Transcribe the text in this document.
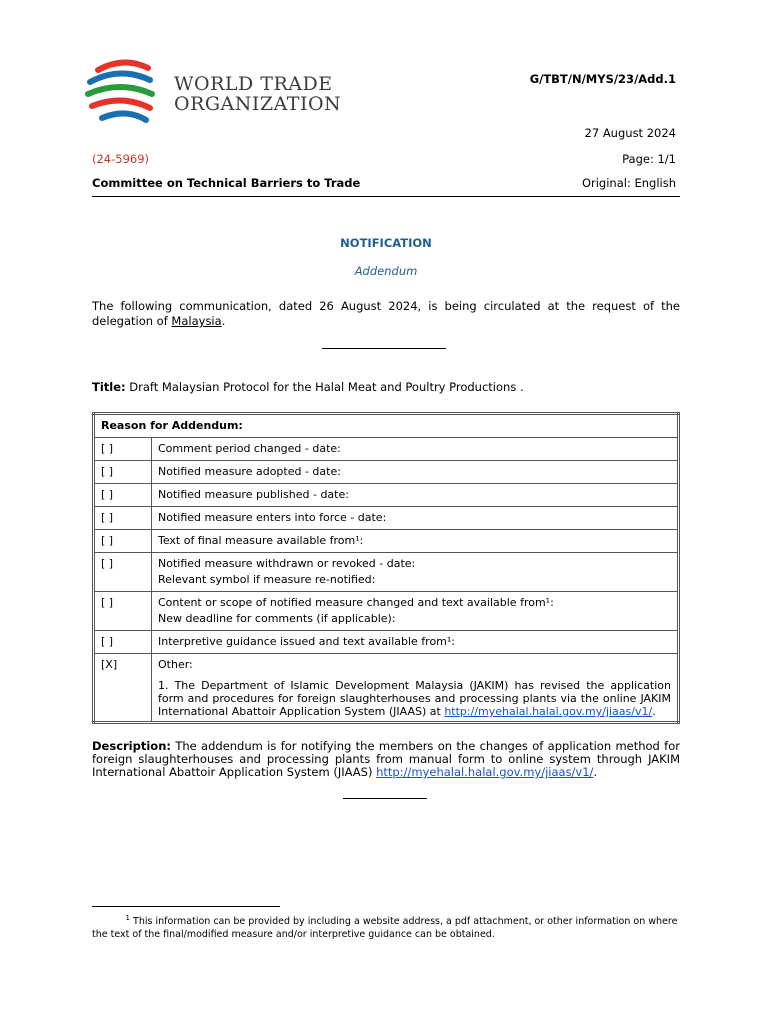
WORLD TRADE
ORGANIZATION
G/TBT/N/MYS/23/Add.1
27 August 2024
(24-5969)	Page: 1/1
Committee on Technical Barriers to Trade	Original: English
NOTIFICATION
Addendum
The following communication, dated 26 August 2024, is being circulated at the request of the delegation of Malaysia.
Title: Draft Malaysian Protocol for the Halal Meat and Poultry Productions .
Reason for Addendum:	
[ ]	Comment period changed - date:
[ ]	Notified measure adopted - date:
[ ]	Notified measure published - date:
[ ]	Notified measure enters into force - date:
[ ]	Text of final measure available from¹:
[ ]	Notified measure withdrawn or revoked - date:
Relevant symbol if measure re-notified:

[ ]	Content or scope of notified measure changed and text available from¹:
New deadline for comments (if applicable):

[ ]	Interpretive guidance issued and text available from¹:
[X]	Other:
1. The Department of Islamic Development Malaysia (JAKIM) has revised the application form and procedures for foreign slaughterhouses and processing plants via the online JAKIM International Abattoir Application System (JIAAS) at http://myehalal.halal.gov.my/jiaas/v1/.
Description: The addendum is for notifying the members on the changes of application method for foreign slaughterhouses and processing plants from manual form to online system through JAKIM International Abattoir Application System (JIAAS) http://myehalal.halal.gov.my/jiaas/v1/.
$^1$ This information can be provided by including a website address, a pdf attachment, or other information on where the text of the final/modified measure and/or interpretive guidance can be obtained.
